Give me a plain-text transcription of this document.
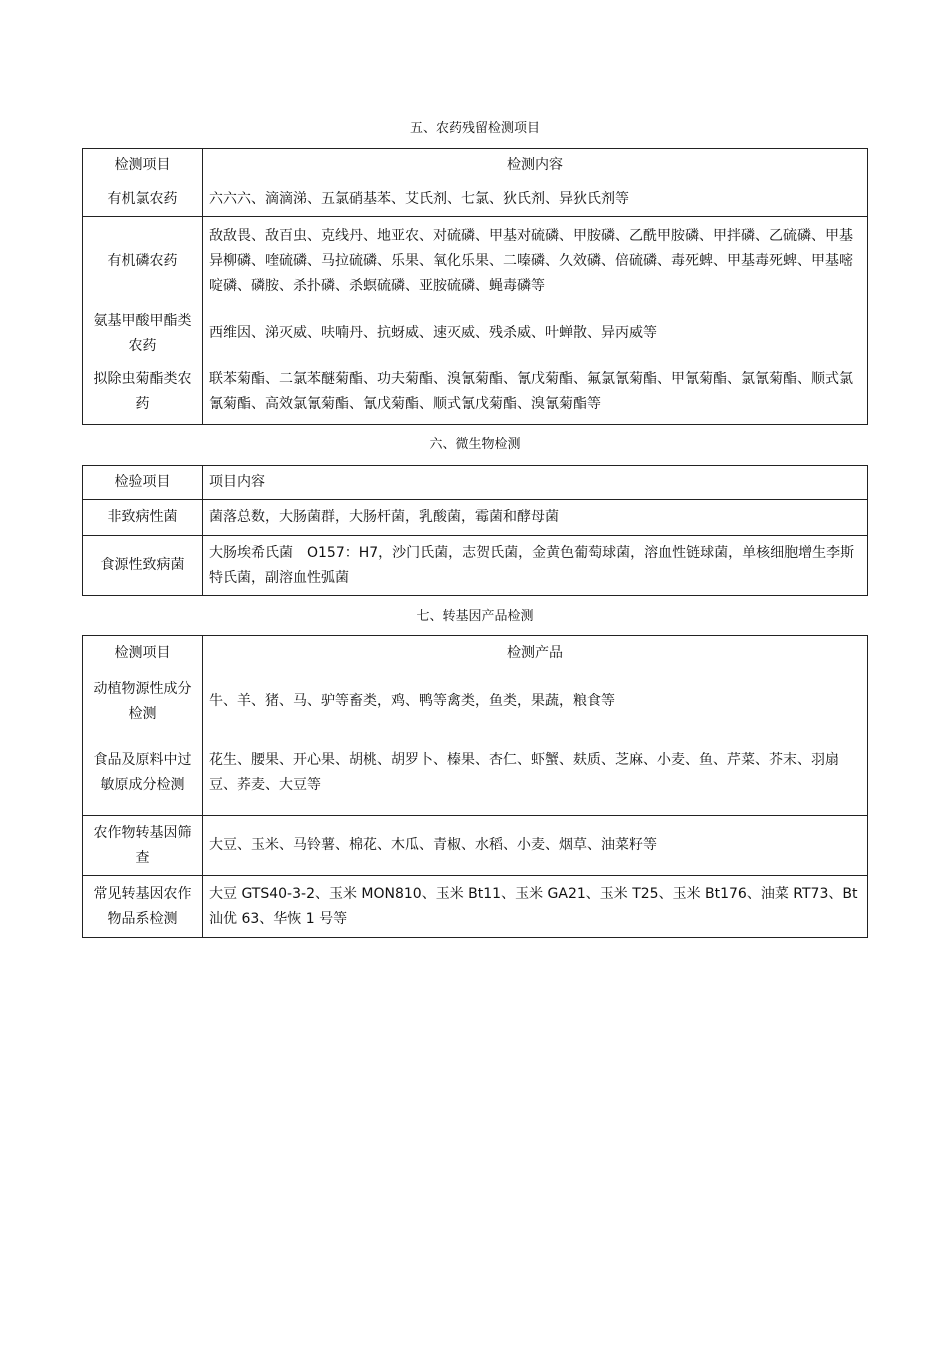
五、农药残留检测项目
检测项目	检测内容
有机氯农药	六六六、滴滴涕、五氯硝基苯、艾氏剂、七氯、狄氏剂、异狄氏剂等
有机磷农药	敌敌畏、敌百虫、克线丹、地亚农、对硫磷、甲基对硫磷、甲胺磷、乙酰甲胺磷、甲拌磷、乙硫磷、甲基异柳磷、喹硫磷、马拉硫磷、乐果、氧化乐果、二嗪磷、久效磷、倍硫磷、毒死蜱、甲基毒死蜱、甲基嘧啶磷、磷胺、杀扑磷、杀螟硫磷、亚胺硫磷、蝇毒磷等
氨基甲酸甲酯类农药	西维因、涕灭威、呋喃丹、抗蚜威、速灭威、残杀威、叶蝉散、异丙威等
拟除虫菊酯类农药	联苯菊酯、二氯苯醚菊酯、功夫菊酯、溴氰菊酯、氰戊菊酯、氟氯氰菊酯、甲氰菊酯、氯氰菊酯、顺式氯氰菊酯、高效氯氰菊酯、氰戊菊酯、顺式氰戊菊酯、溴氰菊酯等
六、微生物检测
检验项目	项目内容
非致病性菌	菌落总数，大肠菌群，大肠杆菌，乳酸菌，霉菌和酵母菌
食源性致病菌	大肠埃希氏菌　O157：H7，沙门氏菌，志贺氏菌，金黄色葡萄球菌，溶血性链球菌，单核细胞增生李斯特氏菌，副溶血性弧菌
七、转基因产品检测
检测项目	检测产品
动植物源性成分检测	牛、羊、猪、马、驴等畜类，鸡、鸭等禽类，鱼类，果蔬，粮食等
食品及原料中过敏原成分检测	花生、腰果、开心果、胡桃、胡罗卜、榛果、杏仁、虾蟹、麸质、芝麻、小麦、鱼、芹菜、芥末、羽扇豆、荞麦、大豆等
农作物转基因筛查	大豆、玉米、马铃薯、棉花、木瓜、青椒、水稻、小麦、烟草、油菜籽等
常见转基因农作物品系检测	大豆 GTS40-3-2、玉米 MON810、玉米 Bt11、玉米 GA21、玉米 T25、玉米 Bt176、油菜 RT73、Bt 汕优 63、华恢 1 号等
